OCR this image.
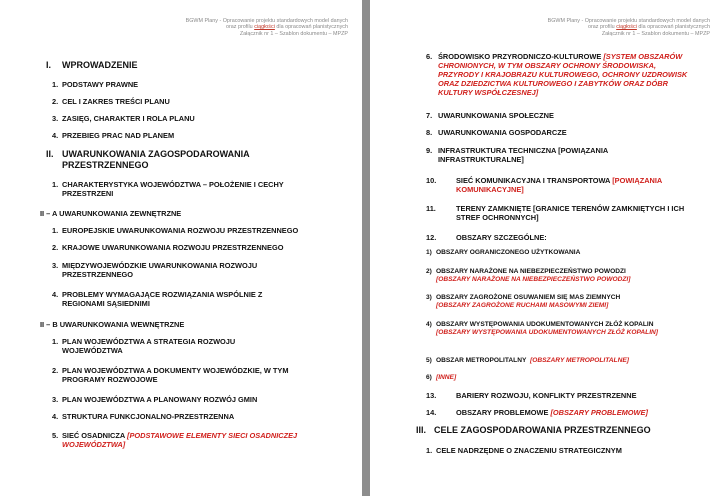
BGWM Plany - Opracowanie projektu standardowych model danych
oraz profilu ciągłości dla opracowań planistycznych
Załącznik nr 1 – Szablon dokumentu – MPZP
I. WPROWADZENIE
1. PODSTAWY PRAWNE
2. CEL I ZAKRES TREŚCI PLANU
3. ZASIĘG, CHARAKTER I ROLA PLANU
4. PRZEBIEG PRAC NAD PLANEM
II. UWARUNKOWANIA ZAGOSPODAROWANIA PRZESTRZENNEGO
1. CHARAKTERYSTYKA WOJEWÓDZTWA – POŁOŻENIE I CECHY PRZESTRZENI
II – A UWARUNKOWANIA ZEWNĘTRZNE
1. EUROPEJSKIE UWARUNKOWANIA ROZWOJU PRZESTRZENNEGO
2. KRAJOWE UWARUNKOWANIA ROZWOJU PRZESTRZENNEGO
3. MIĘDZYWOJEWÓDZKIE UWARUNKOWANIA ROZWOJU PRZESTRZENNEGO
4. PROBLEMY WYMAGAJĄCE ROZWIĄZANIA WSPÓLNIE Z REGIONAMI SĄSIEDNIMI
II – B UWARUNKOWANIA WEWNĘTRZNE
1. PLAN WOJEWÓDZTWA A STRATEGIA ROZWOJU WOJEWÓDZTWA
2. PLAN WOJEWÓDZTWA A DOKUMENTY WOJEWÓDZKIE, W TYM PROGRAMY ROZWOJOWE
3. PLAN WOJEWÓDZTWA A PLANOWANY ROZWÓJ GMIN
4. STRUKTURA FUNKCJONALNO-PRZESTRZENNA
5. SIEĆ OSADNICZA [PODSTAWOWE ELEMENTY SIECI OSADNICZEJ WOJEWÓDZTWA]
BGWM Plany - Opracowanie projektu standardowych model danych
oraz profilu ciągłości dla opracowań planistycznych
Załącznik nr 1 – Szablon dokumentu – MPZP
6. ŚRODOWISKO PRZYRODNICZO-KULTUROWE [SYSTEM OBSZARÓW CHRONIONYCH, W TYM OBSZARY OCHRONY ŚRODOWISKA, PRZYRODY I KRAJOBRAZU KULTUROWEGO, OCHRONY UZDROWISK ORAZ DZIEDZICTWA KULTUROWEGO I ZABYTKÓW ORAZ DÓBR KULTURY WSPÓŁCZESNEJ]
7. UWARUNKOWANIA SPOŁECZNE
8. UWARUNKOWANIA GOSPODARCZE
9. INFRASTRUKTURA TECHNICZNA [POWIĄZANIA INFRASTRUKTURALNE]
10.	SIEĆ KOMUNIKACYJNA I TRANSPORTOWA [POWIĄZANIA KOMUNIKACYJNE]
11.	TERENY ZAMKNIĘTE [GRANICE TERENÓW ZAMKNIĘTYCH I ICH STREF OCHRONNYCH]
12.	OBSZARY SZCZEGÓLNE:
1) OBSZARY OGRANICZONEGO UŻYTKOWANIA
2) OBSZARY NARAŻONE NA NIEBEZPIECZEŃSTWO POWODZI
[OBSZARY NARAŻONE NA NIEBEZPIECZEŃSTWO POWODZI]
3) OBSZARY ZAGROŻONE OSUWANIEM SIĘ MAS ZIEMNYCH
[OBSZARY ZAGROŻONE RUCHAMI MASOWYMI ZIEMI]
4) OBSZARY WYSTĘPOWANIA UDOKUMENTOWANYCH ZŁÓŻ KOPALIN [OBSZARY WYSTĘPOWANIA UDOKUMENTOWANYCH ZŁÓŻ KOPALIN]
5) OBSZAR METROPOLITALNY [OBSZARY METROPOLITALNE]
6) [INNE]
13.	BARIERY ROZWOJU, KONFLIKTY PRZESTRZENNE
14.	OBSZARY PROBLEMOWE [OBSZARY PROBLEMOWE]
III. CELE ZAGOSPODAROWANIA PRZESTRZENNEGO
1. CELE NADRZĘDNE O ZNACZENIU STRATEGICZNYM
